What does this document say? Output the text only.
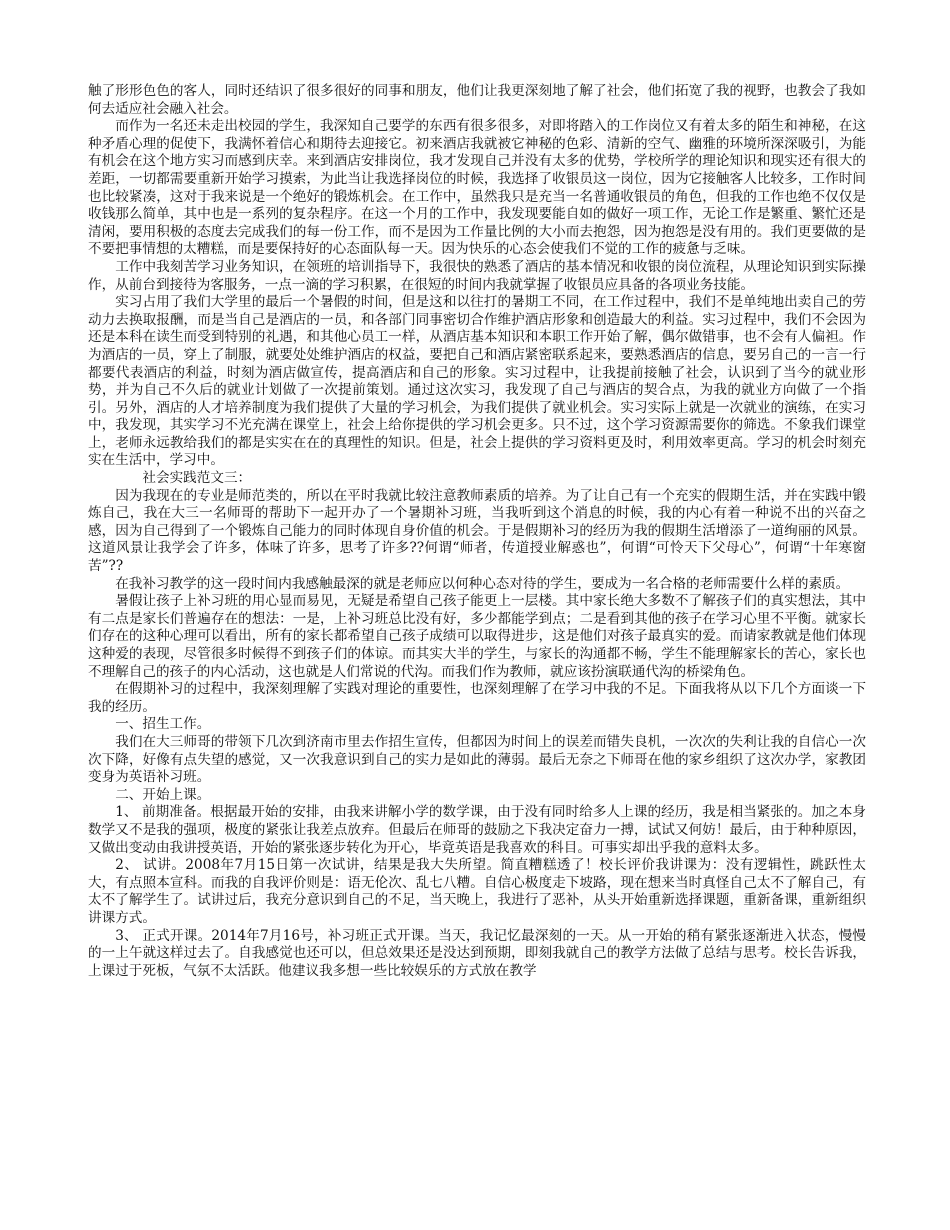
触了形形色色的客人，同时还结识了很多很好的同事和朋友，他们让我更深刻地了解了社会，他们拓宽了我的视野，也教会了我如何去适应社会融入社会。

而作为一名还未走出校园的学生，我深知自己要学的东西有很多很多，对即将踏入的工作岗位又有着太多的陌生和神秘，在这种矛盾心理的促使下，我满怀着信心和期待去迎接它。初来酒店我就被它神秘的色彩、清新的空气、幽雅的环境所深深吸引，为能有机会在这个地方实习而感到庆幸。来到酒店安排岗位，我才发现自己并没有太多的优势，学校所学的理论知识和现实还有很大的差距，一切都需要重新开始学习摸索，为此当让我选择岗位的时候，我选择了收银员这一岗位，因为它接触客人比较多，工作时间也比较紧凑，这对于我来说是一个绝好的锻炼机会。在工作中，虽然我只是充当一名普通收银员的角色，但我的工作也绝不仅仅是收钱那么简单，其中也是一系列的复杂程序。在这一个月的工作中，我发现要能自如的做好一项工作，无论工作是繁重、繁忙还是清闲，要用积极的态度去完成我们的每一份工作，而不是因为工作量比例的大小而去抱怨，因为抱怨是没有用的。我们更要做的是不要把事情想的太糟糕，而是要保持好的心态面队每一天。因为快乐的心态会使我们不觉的工作的疲惫与乏味。

工作中我刻苦学习业务知识，在领班的培训指导下，我很快的熟悉了酒店的基本情况和收银的岗位流程，从理论知识到实际操作，从前台到接待为客服务，一点一滴的学习积累，在很短的时间内我就掌握了收银员应具备的各项业务技能。

实习占用了我们大学里的最后一个暑假的时间，但是这和以往打的暑期工不同，在工作过程中，我们不是单纯地出卖自己的劳动力去换取报酬，而是当自己是酒店的一员，和各部门同事密切合作维护酒店形象和创造最大的利益。实习过程中，我们不会因为还是本科在读生而受到特别的礼遇，和其他心员工一样，从酒店基本知识和本职工作开始了解，偶尔做错事，也不会有人偏袒。作为酒店的一员，穿上了制服，就要处处维护酒店的权益，要把自己和酒店紧密联系起来，要熟悉酒店的信息，要另自己的一言一行都要代表酒店的利益，时刻为酒店做宣传，提高酒店和自己的形象。实习过程中，让我提前接触了社会，认识到了当今的就业形势，并为自己不久后的就业计划做了一次提前策划。通过这次实习，我发现了自己与酒店的契合点，为我的就业方向做了一个指引。另外，酒店的人才培养制度为我们提供了大量的学习机会，为我们提供了就业机会。实习实际上就是一次就业的演练，在实习中，我发现，其实学习不光充满在课堂上，社会上给你提供的学习机会更多。只不过，这个学习资源需要你的筛选。不象我们课堂上，老师永远教给我们的都是实实在在的真理性的知识。但是，社会上提供的学习资料更及时，利用效率更高。学习的机会时刻充实在生活中，学习中。

社会实践范文三：

因为我现在的专业是师范类的，所以在平时我就比较注意教师素质的培养。为了让自己有一个充实的假期生活，并在实践中锻炼自己，我在大三一名师哥的帮助下一起开办了一个暑期补习班，当我听到这个消息的时候，我的内心有着一种说不出的兴奋之感，因为自己得到了一个锻炼自己能力的同时体现自身价值的机会。于是假期补习的经历为我的假期生活增添了一道绚丽的风景。这道风景让我学会了许多，体味了许多，思考了许多??何谓“师者，传道授业解惑也”，何谓“可怜天下父母心”，何谓“十年寒窗苦”??

在我补习教学的这一段时间内我感触最深的就是老师应以何种心态对待的学生，要成为一名合格的老师需要什么样的素质。

暑假让孩子上补习班的用心显而易见，无疑是希望自己孩子能更上一层楼。其中家长绝大多数不了解孩子们的真实想法，其中有二点是家长们普遍存在的想法：一是，上补习班总比没有好，多少都能学到点；二是看到其他的孩子在学习心里不平衡。就家长们存在的这种心理可以看出，所有的家长都希望自己孩子成绩可以取得进步，这是他们对孩子最真实的爱。而请家教就是他们体现这种爱的表现，尽管很多时候得不到孩子们的体谅。而其实大半的学生，与家长的沟通都不畅，学生不能理解家长的苦心，家长也不理解自己的孩子的内心活动，这也就是人们常说的代沟。而我们作为教师，就应该扮演联通代沟的桥梁角色。

在假期补习的过程中，我深刻理解了实践对理论的重要性，也深刻理解了在学习中我的不足。下面我将从以下几个方面谈一下我的经历。

一、招生工作。

我们在大三师哥的带领下几次到济南市里去作招生宣传，但都因为时间上的误差而错失良机，一次次的失利让我的自信心一次次下降，好像有点失望的感觉，又一次我意识到自己的实力是如此的薄弱。最后无奈之下师哥在他的家乡组织了这次办学，家教团变身为英语补习班。

二、开始上课。

1、 前期准备。根据最开始的安排，由我来讲解小学的数学课，由于没有同时给多人上课的经历，我是相当紧张的。加之本身数学又不是我的强项，极度的紧张让我差点放弃。但最后在师哥的鼓励之下我决定奋力一搏，试试又何妨！最后，由于种种原因，又做出变动由我讲授英语，开始的紧张逐步转化为开心，毕竟英语是我喜欢的科目。可事实却出乎我的意料太多。

2、 试讲。2008年7月15日第一次试讲，结果是我大失所望。简直糟糕透了！校长评价我讲课为：没有逻辑性，跳跃性太大，有点照本宣科。而我的自我评价则是：语无伦次、乱七八糟。自信心极度走下坡路，现在想来当时真怪自己太不了解自己，有太不了解学生了。试讲过后，我充分意识到自己的不足，当天晚上，我进行了恶补，从头开始重新选择课题，重新备课，重新组织讲课方式。

3、 正式开课。2014年7月16号，补习班正式开课。当天，我记忆最深刻的一天。从一开始的稍有紧张逐渐进入状态，慢慢的一上午就这样过去了。自我感觉也还可以，但总效果还是没达到预期，即刻我就自己的教学方法做了总结与思考。校长告诉我，上课过于死板，气氛不太活跃。他建议我多想一些比较娱乐的方式放在教学
